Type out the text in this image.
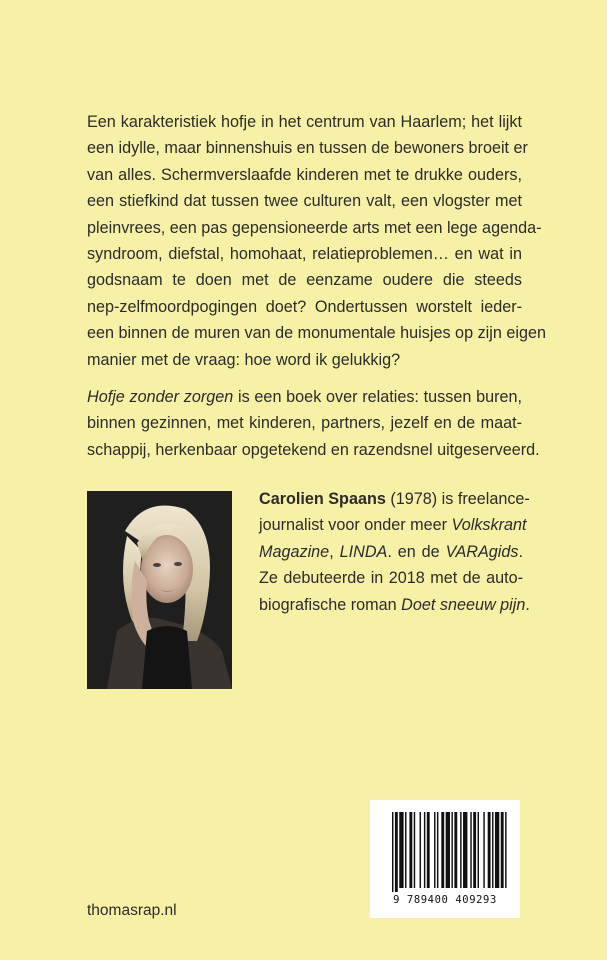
Een karakteristiek hofje in het centrum van Haarlem; het lijkt
een idylle, maar binnenshuis en tussen de bewoners broeit er
van alles. Schermverslaafde kinderen met te drukke ouders,
een stiefkind dat tussen twee culturen valt, een vlogster met
pleinvrees, een pas gepensioneerde arts met een lege agenda-
syndroom, diefstal, homohaat, relatieproblemen… en wat in
godsnaam te doen met de eenzame oudere die steeds
nep-zelfmoordpogingen doet? Ondertussen worstelt ieder-
een binnen de muren van de monumentale huisjes op zijn eigen
manier met de vraag: hoe word ik gelukkig?
Hofje zonder zorgen is een boek over relaties: tussen buren,
binnen gezinnen, met kinderen, partners, jezelf en de maat-
schappij, herkenbaar opgetekend en razendsnel uitgeserveerd.
Carolien Spaans (1978) is freelance-
journalist voor onder meer Volkskrant
Magazine, LINDA. en de VARAgids.
Ze debuteerde in 2018 met de auto-
biografische roman Doet sneeuw pijn.
9 789400 409293
thomasrap.nl
